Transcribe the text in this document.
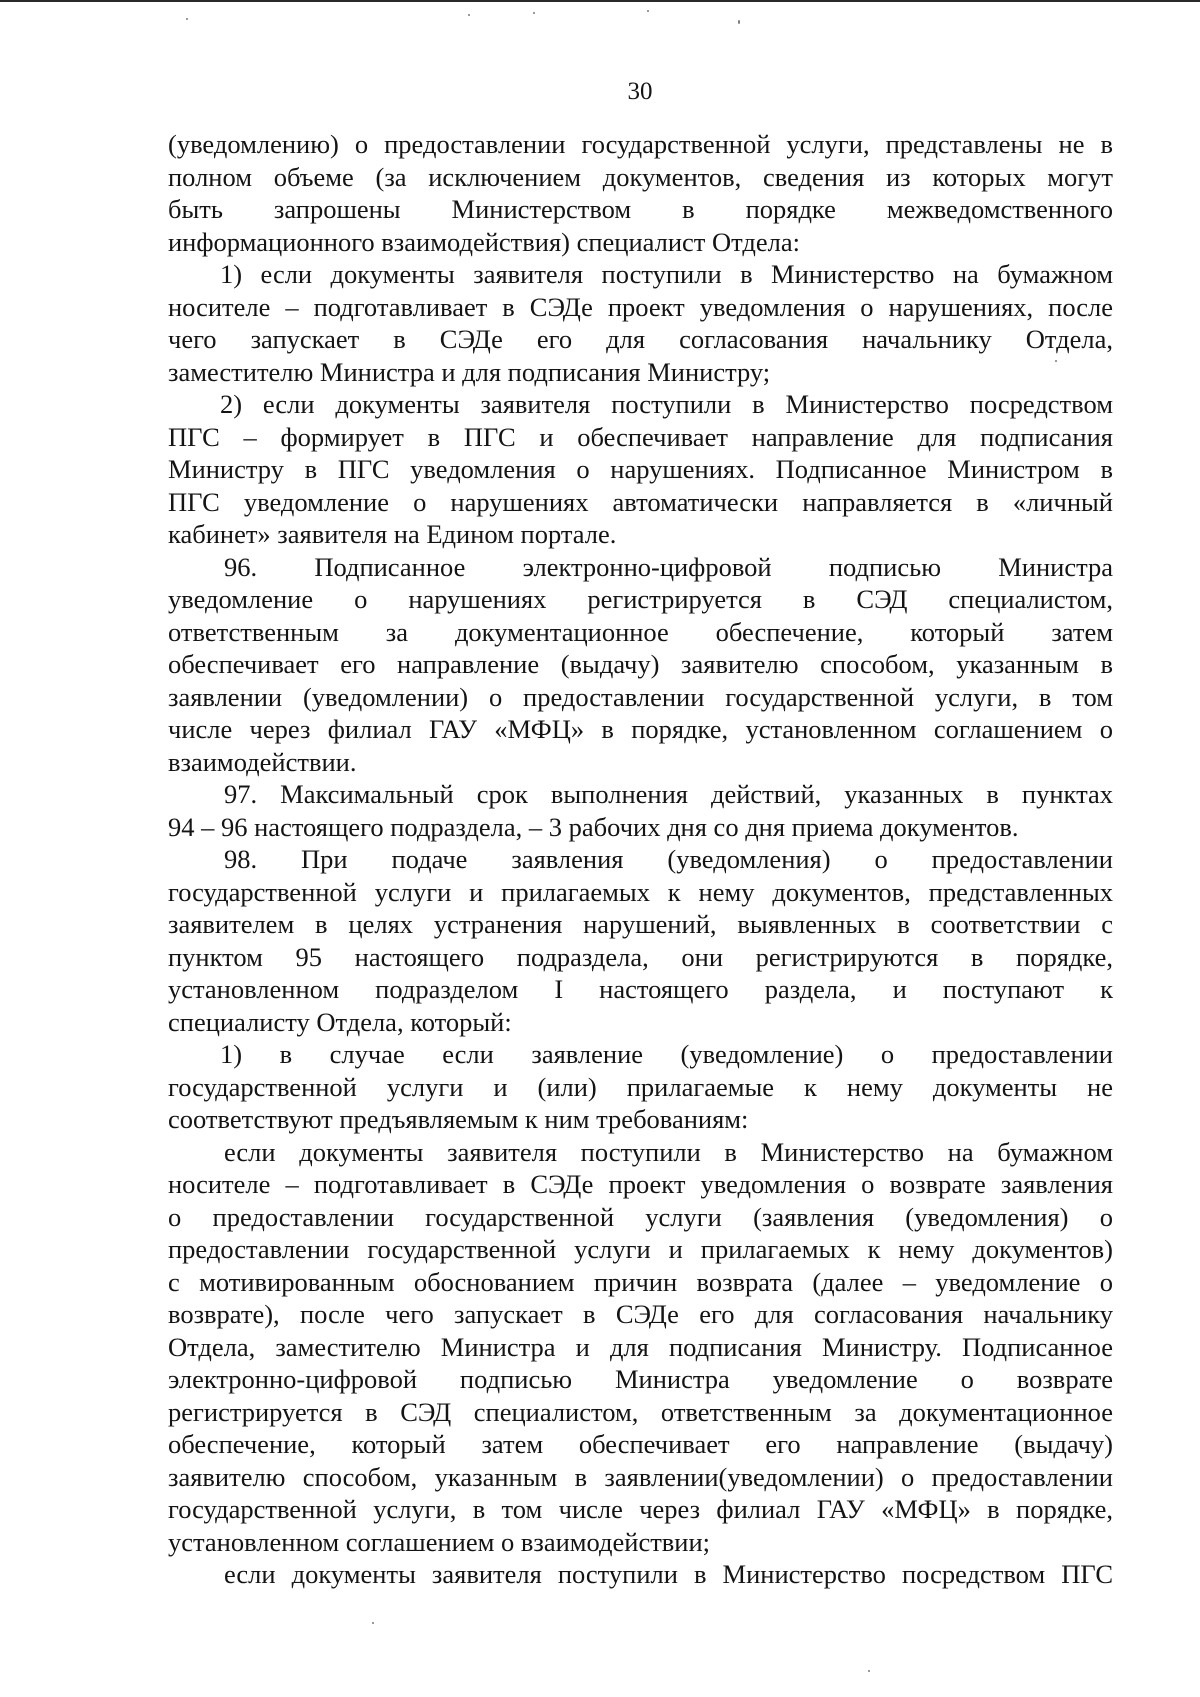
30
(уведомлению) о предоставлении государственной услуги, представлены не в
полном объеме (за исключением документов, сведения из которых могут
быть запрошены Министерством в порядке межведомственного
информационного взаимодействия) специалист Отдела:
1) если документы заявителя поступили в Министерство на бумажном
носителе – подготавливает в СЭДе проект уведомления о нарушениях, после
чего запускает в СЭДе его для согласования начальнику Отдела,
заместителю Министра и для подписания Министру;
2) если документы заявителя поступили в Министерство посредством
ПГС – формирует в ПГС и обеспечивает направление для подписания
Министру в ПГС уведомления о нарушениях. Подписанное Министром в
ПГС уведомление о нарушениях автоматически направляется в «личный
кабинет» заявителя на Едином портале.
96. Подписанное электронно-цифровой подписью Министра
уведомление о нарушениях регистрируется в СЭД специалистом,
ответственным за документационное обеспечение, который затем
обеспечивает его направление (выдачу) заявителю способом, указанным в
заявлении (уведомлении) о предоставлении государственной услуги, в том
числе через филиал ГАУ «МФЦ» в порядке, установленном соглашением о
взаимодействии.
97. Максимальный срок выполнения действий, указанных в пунктах
94 – 96 настоящего подраздела, – 3 рабочих дня со дня приема документов.
98. При подаче заявления (уведомления) о предоставлении
государственной услуги и прилагаемых к нему документов, представленных
заявителем в целях устранения нарушений, выявленных в соответствии с
пунктом 95 настоящего подраздела, они регистрируются в порядке,
установленном подразделом I настоящего раздела, и поступают к
специалисту Отдела, который:
1) в случае если заявление (уведомление) о предоставлении
государственной услуги и (или) прилагаемые к нему документы не
соответствуют предъявляемым к ним требованиям:
если документы заявителя поступили в Министерство на бумажном
носителе – подготавливает в СЭДе проект уведомления о возврате заявления
о предоставлении государственной услуги (заявления (уведомления) о
предоставлении государственной услуги и прилагаемых к нему документов)
с мотивированным обоснованием причин возврата (далее – уведомление о
возврате), после чего запускает в СЭДе его для согласования начальнику
Отдела, заместителю Министра и для подписания Министру. Подписанное
электронно-цифровой подписью Министра уведомление о возврате
регистрируется в СЭД специалистом, ответственным за документационное
обеспечение, который затем обеспечивает его направление (выдачу)
заявителю способом, указанным в заявлении(уведомлении) о предоставлении
государственной услуги, в том числе через филиал ГАУ «МФЦ» в порядке,
установленном соглашением о взаимодействии;
если документы заявителя поступили в Министерство посредством ПГС
